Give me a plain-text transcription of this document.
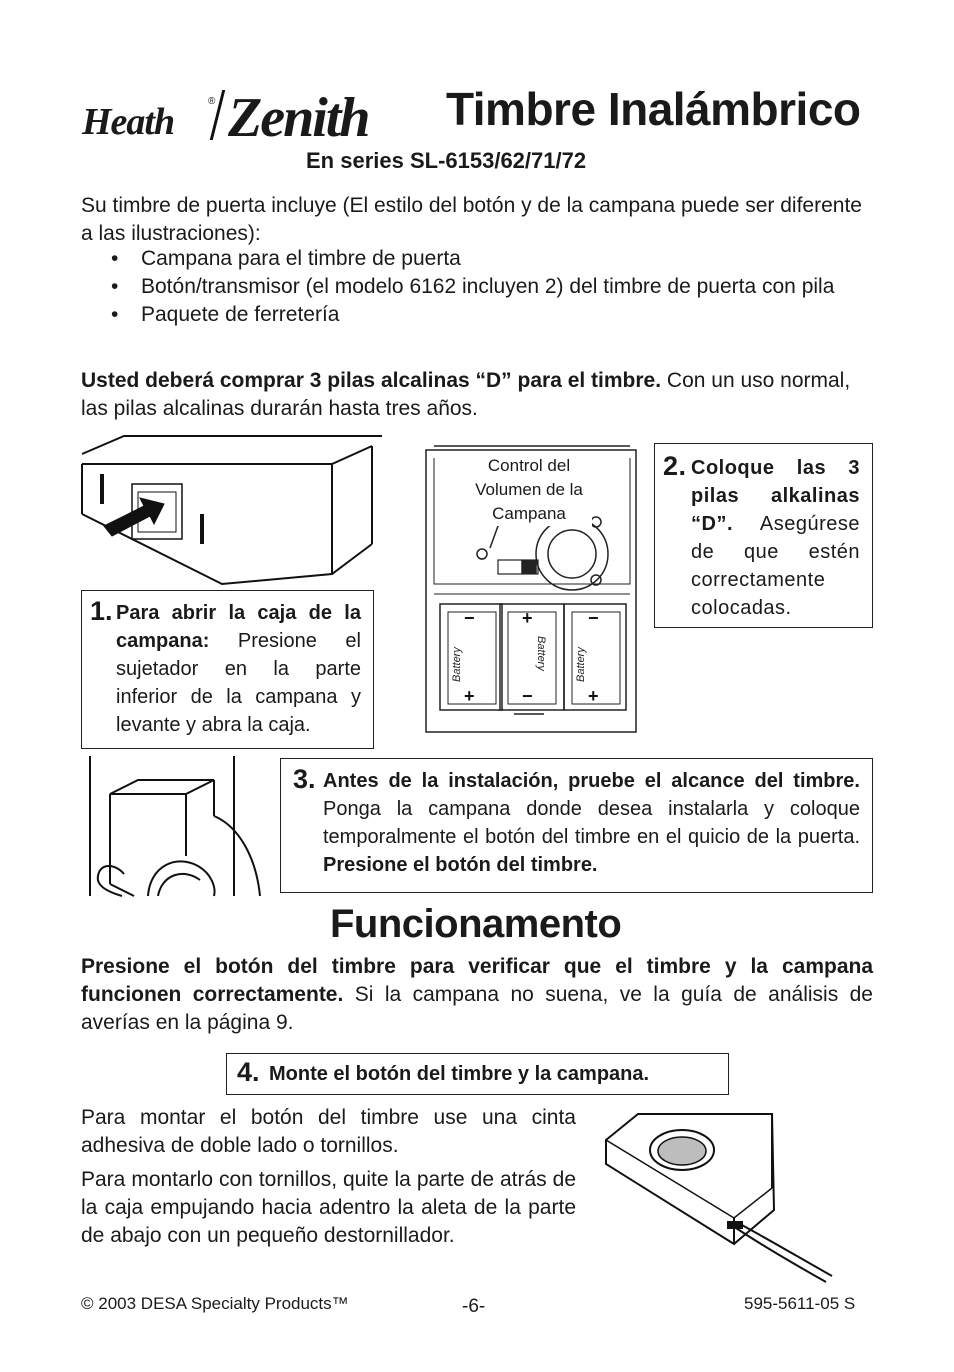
Heath	® Zenith Timbre Inalámbrico
En series SL-6153/62/71/72
Su timbre de puerta incluye (El estilo del botón y de la campana puede ser diferente a las ilustraciones):
• Campana para el timbre de puerta
• Botón/transmisor (el modelo 6162 incluyen 2) del timbre de puerta con pila
• Paquete de ferretería
Usted deberá comprar 3 pilas alcalinas “D” para el timbre. Con un uso normal, las pilas alcalinas durarán hasta tres años.
−
+
+
−
−
+
Battery	Battery	Battery
Control del Volumen de la Campana
1. Para abrir la caja de la campana: Presione el sujetador en la parte inferior de la campana y levante y abra la caja.
2. Coloque las 3 pilas alkalinas “D”. Asegúrese de que estén correctamente colocadas.
3. Antes de la instalación, pruebe el alcance del timbre. Ponga la campana donde desea instalarla y coloque temporalmente el botón del timbre en el quicio de la puerta. Presione el botón del timbre.
Funcionamento
Presione el botón del timbre para verificar que el timbre y la campana funcionen correctamente. Si la campana no suena, ve la guía de análisis de averías en la página 9.
4. Monte el botón del timbre y la campana.
Para montar el botón del timbre use una cinta adhesiva de doble lado o tornillos.
Para montarlo con tornillos, quite la parte de atrás de la caja empujando hacia adentro la aleta de la parte de abajo con un pequeño destornillador.
© 2003 DESA Specialty Products™	-6-	595-5611-05 S
